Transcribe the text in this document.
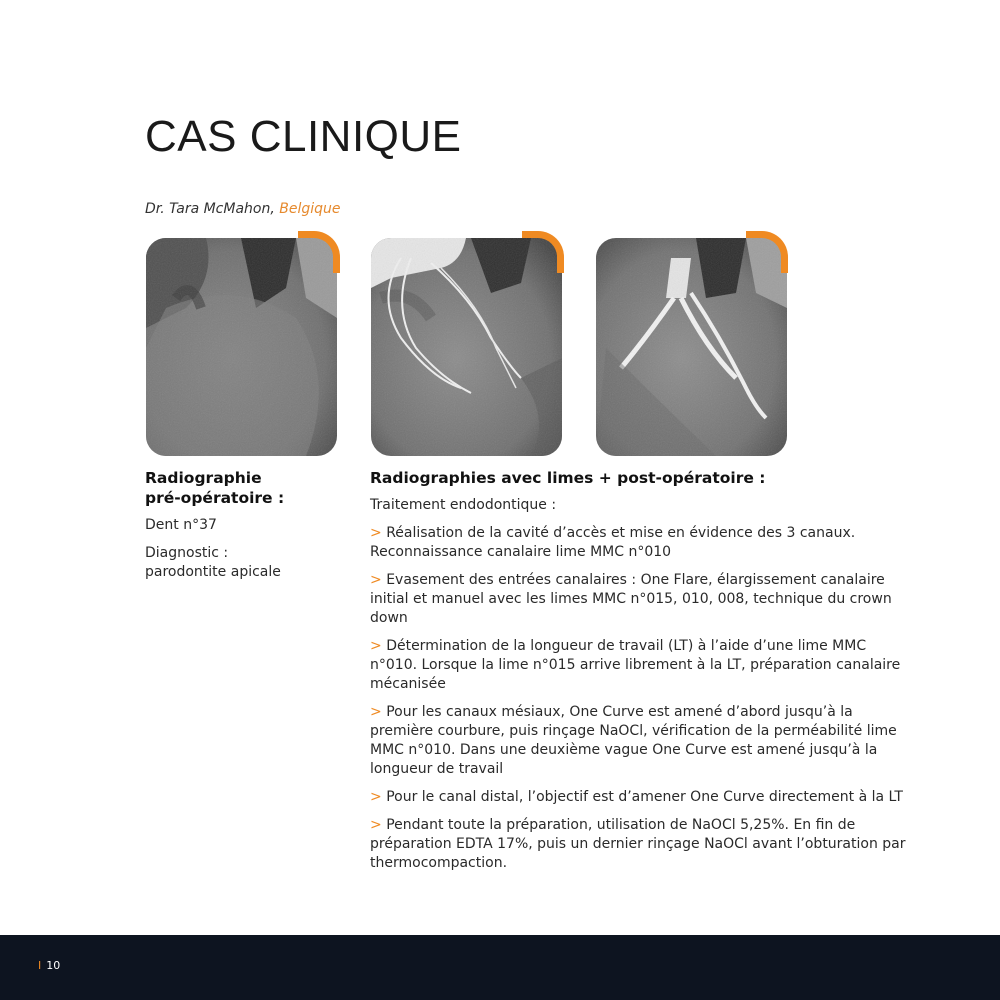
CAS CLINIQUE
Dr. Tara McMahon, Belgique
Radiographie
pré-opératoire :
Dent n°37
Diagnostic :
parodontite apicale
Radiographies avec limes + post-opératoire :
Traitement endodontique :
> Réalisation de la cavité d’accès et mise en évidence des 3 canaux. Reconnaissance canalaire lime MMC n°010
> Evasement des entrées canalaires : One Flare, élargissement canalaire initial et manuel avec les limes MMC n°015, 010, 008, technique du crown down
> Détermination de la longueur de travail (LT) à l’aide d’une lime MMC n°010. Lorsque la lime n°015 arrive librement à la LT, préparation canalaire mécanisée
> Pour les canaux mésiaux, One Curve est amené d’abord jusqu’à la première courbure, puis rinçage NaOCl, vérification de la perméabilité lime MMC n°010. Dans une deuxième vague One Curve est amené jusqu’à la longueur de travail
> Pour le canal distal, l’objectif est d’amener One Curve directement à la LT
> Pendant toute la préparation, utilisation de NaOCl 5,25%. En fin de préparation EDTA 17%, puis un dernier rinçage NaOCl avant l’obturation par thermocompaction.
I 10
